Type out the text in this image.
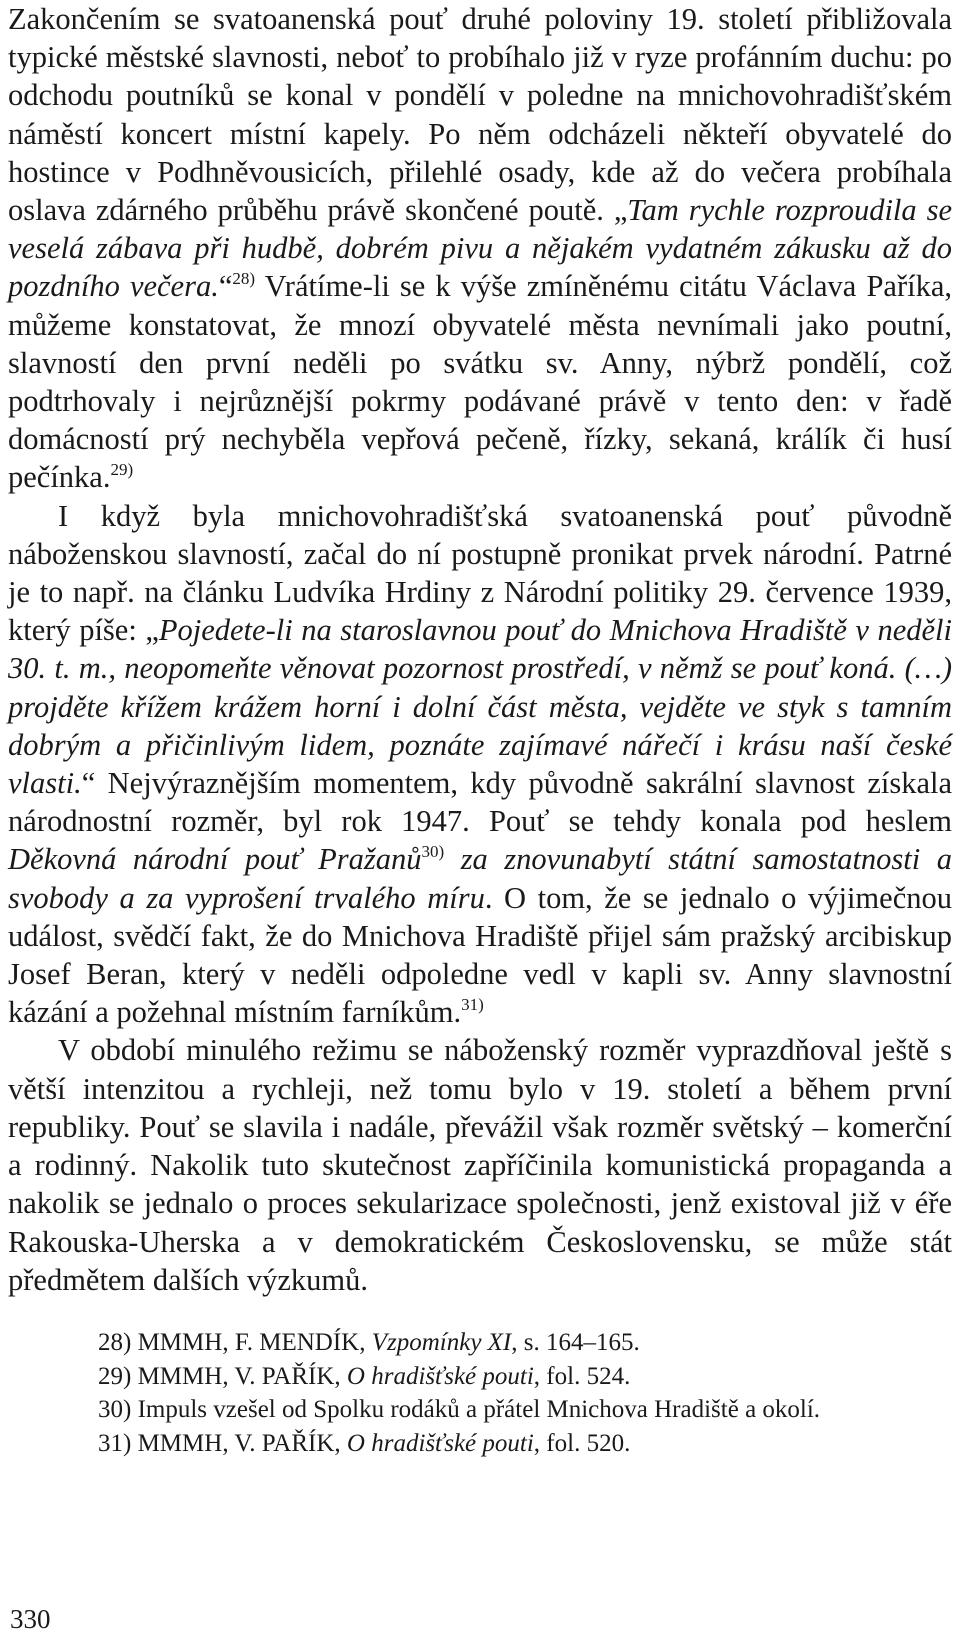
Zakončením se svatoanenská pouť druhé poloviny 19. století přibližovala typické městské slavnosti, neboť to probíhalo již v ryze profánním duchu: po odchodu poutníků se konal v pondělí v poledne na mnichovohradišťském náměstí koncert místní kapely. Po něm odcházeli někteří obyvatelé do hostince v Podhněvousicích, přilehlé osady, kde až do večera probíhala oslava zdárného průběhu právě skončené poutě. „Tam rychle rozproudila se veselá zábava při hudbě, dobrém pivu a nějakém vydatném zákusku až do pozdního večera.“$^{28)}$ Vrátíme-li se k výše zmíněnému citátu Václava Paříka, můžeme konstatovat, že mnozí obyvatelé města nevnímali jako poutní, slavností den první neděli po svátku sv. Anny, nýbrž pondělí, což podtrhovaly i nejrůznější pokrmy podávané právě v tento den: v řadě domácností prý nechyběla vepřová pečeně, řízky, sekaná, králík či husí pečínka.$^{29)}$

I když byla mnichovohradišťská svatoanenská pouť původně náboženskou slavností, začal do ní postupně pronikat prvek národní. Patrné je to např. na článku Ludvíka Hrdiny z Národní politiky 29. července 1939, který píše: „Pojedete-li na staroslavnou pouť do Mnichova Hradiště v neděli 30. t. m., neopomeňte věnovat pozornost prostředí, v němž se pouť koná. (…) projděte křížem krážem horní i dolní část města, vejděte ve styk s tamním dobrým a přičinlivým lidem, poznáte zajímavé nářečí i krásu naší české vlasti.“ Nejvýraznějším momentem, kdy původně sakrální slavnost získala národnostní rozměr, byl rok 1947. Pouť se tehdy konala pod heslem Děkovná národní pouť Pražanů$^{30)}$ za znovunabytí státní samostatnosti a svobody a za vyprošení trvalého míru. O tom, že se jednalo o výjimečnou událost, svědčí fakt, že do Mnichova Hradiště přijel sám pražský arcibiskup Josef Beran, který v neděli odpoledne vedl v kapli sv. Anny slavnostní kázání a požehnal místním farníkům.$^{31)}$

V období minulého režimu se náboženský rozměr vyprazdňoval ještě s větší intenzitou a rychleji, než tomu bylo v 19. století a během první republiky. Pouť se slavila i nadále, převážil však rozměr světský – komerční a rodinný. Nakolik tuto skutečnost zapříčinila komunistická propaganda a nakolik se jednalo o proces sekularizace společnosti, jenž existoval již v éře Rakouska-Uherska a v demokratickém Československu, se může stát předmětem dalších výzkumů.

28) MMMH, F. MENDÍK, Vzpomínky XI, s. 164–165.
29) MMMH, V. PAŘÍK, O hradišťské pouti, fol. 524.
30) Impuls vzešel od Spolku rodáků a přátel Mnichova Hradiště a okolí.
31) MMMH, V. PAŘÍK, O hradišťské pouti, fol. 520.
330
